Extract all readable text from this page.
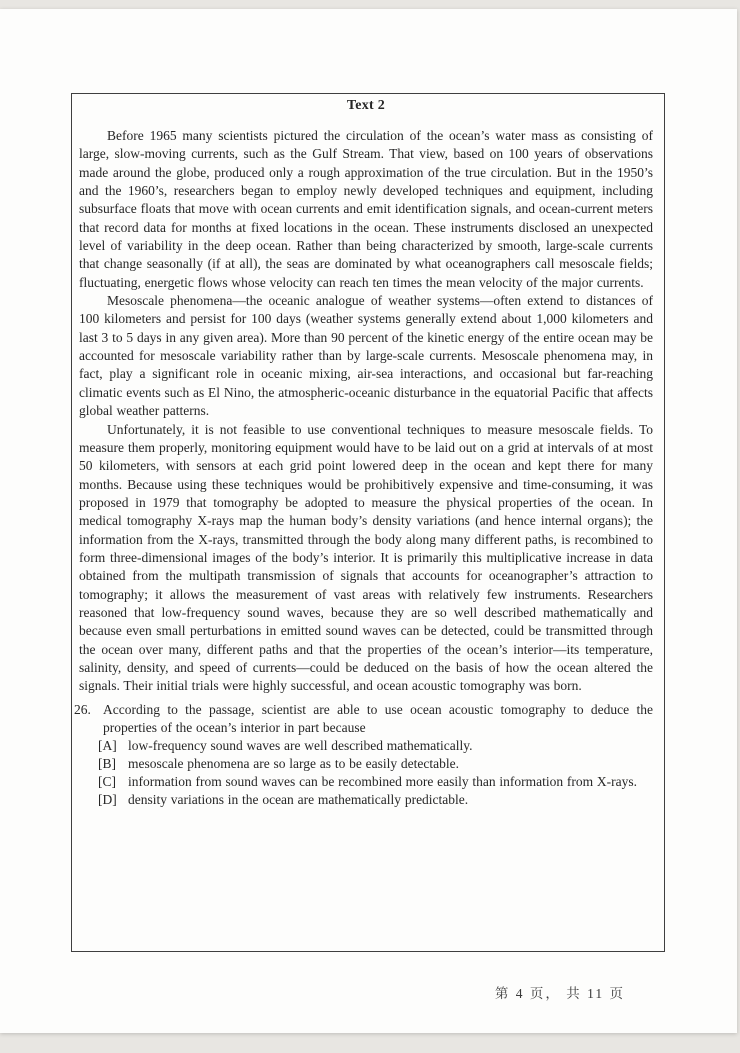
Text 2

Before 1965 many scientists pictured the circulation of the ocean’s water mass as consisting of large, slow-moving currents, such as the Gulf Stream. That view, based on 100 years of observations made around the globe, produced only a rough approximation of the true circulation. But in the 1950’s and the 1960’s, researchers began to employ newly developed techniques and equipment, including subsurface floats that move with ocean currents and emit identification signals, and ocean-current meters that record data for months at fixed locations in the ocean. These instruments disclosed an unexpected level of variability in the deep ocean. Rather than being characterized by smooth, large-scale currents that change seasonally (if at all), the seas are dominated by what oceanographers call mesoscale fields; fluctuating, energetic flows whose velocity can reach ten times the mean velocity of the major currents.

Mesoscale phenomena—the oceanic analogue of weather systems—often extend to distances of 100 kilometers and persist for 100 days (weather systems generally extend about 1,000 kilometers and last 3 to 5 days in any given area). More than 90 percent of the kinetic energy of the entire ocean may be accounted for mesoscale variability rather than by large-scale currents. Mesoscale phenomena may, in fact, play a significant role in oceanic mixing, air-sea interactions, and occasional but far-reaching climatic events such as El Nino, the atmospheric-oceanic disturbance in the equatorial Pacific that affects global weather patterns.

Unfortunately, it is not feasible to use conventional techniques to measure mesoscale fields. To measure them properly, monitoring equipment would have to be laid out on a grid at intervals of at most 50 kilometers, with sensors at each grid point lowered deep in the ocean and kept there for many months. Because using these techniques would be prohibitively expensive and time-consuming, it was proposed in 1979 that tomography be adopted to measure the physical properties of the ocean. In medical tomography X-rays map the human body’s density variations (and hence internal organs); the information from the X-rays, transmitted through the body along many different paths, is recombined to form three-dimensional images of the body’s interior. It is primarily this multiplicative increase in data obtained from the multipath transmission of signals that accounts for oceanographer’s attraction to tomography; it allows the measurement of vast areas with relatively few instruments. Researchers reasoned that low-frequency sound waves, because they are so well described mathematically and because even small perturbations in emitted sound waves can be detected, could be transmitted through the ocean over many, different paths and that the properties of the ocean’s interior—its temperature, salinity, density, and speed of currents—could be deduced on the basis of how the ocean altered the signals. Their initial trials were highly successful, and ocean acoustic tomography was born.

26. According to the passage, scientist are able to use ocean acoustic tomography to deduce the properties of the ocean’s interior in part because
[A] low-frequency sound waves are well described mathematically.
[B] mesoscale phenomena are so large as to be easily detectable.
[C] information from sound waves can be recombined more easily than information from X-rays.
[D] density variations in the ocean are mathematically predictable.
第 4 页， 共 11 页
